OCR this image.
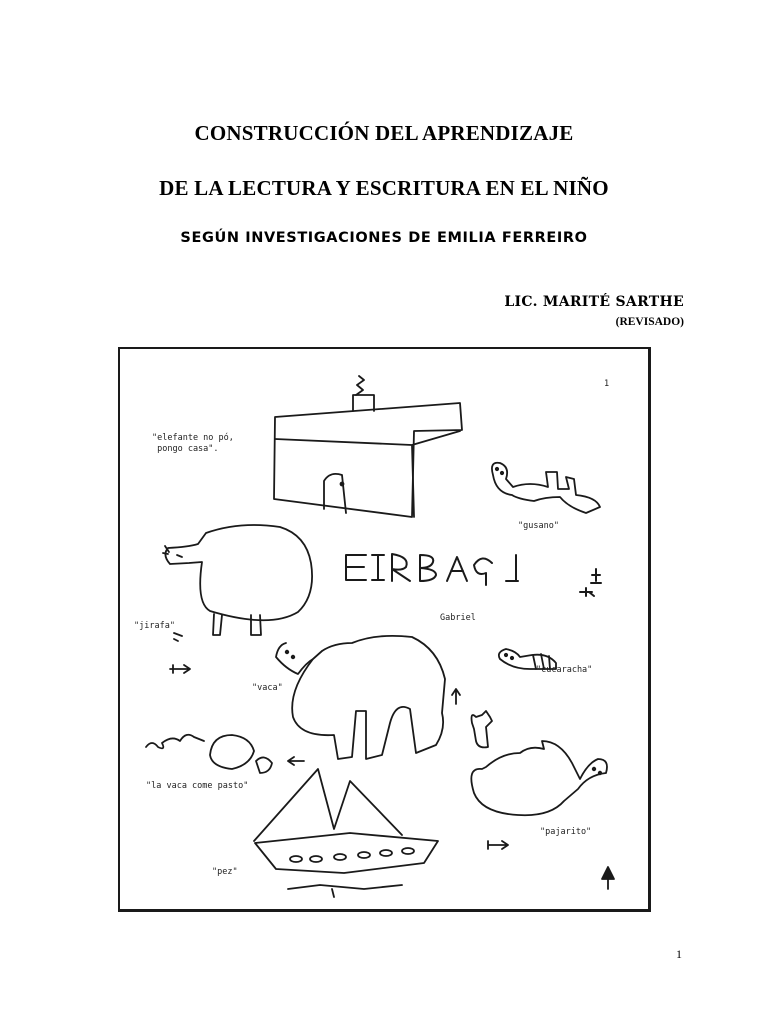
CONSTRUCCIÓN DEL APRENDIZAJE
DE LA LECTURA Y ESCRITURA EN EL NIÑO
SEGÚN INVESTIGACIONES DE EMILIA FERREIRO
LIC. MARITÉ SARTHE
(REVISADO)
1
"elefante no pó,
pongo casa".
"gusano"
"jirafa"
Gabriel
"vaca"
"cucaracha"
"la vaca come pasto"
"pajarito"
"pez"
1
